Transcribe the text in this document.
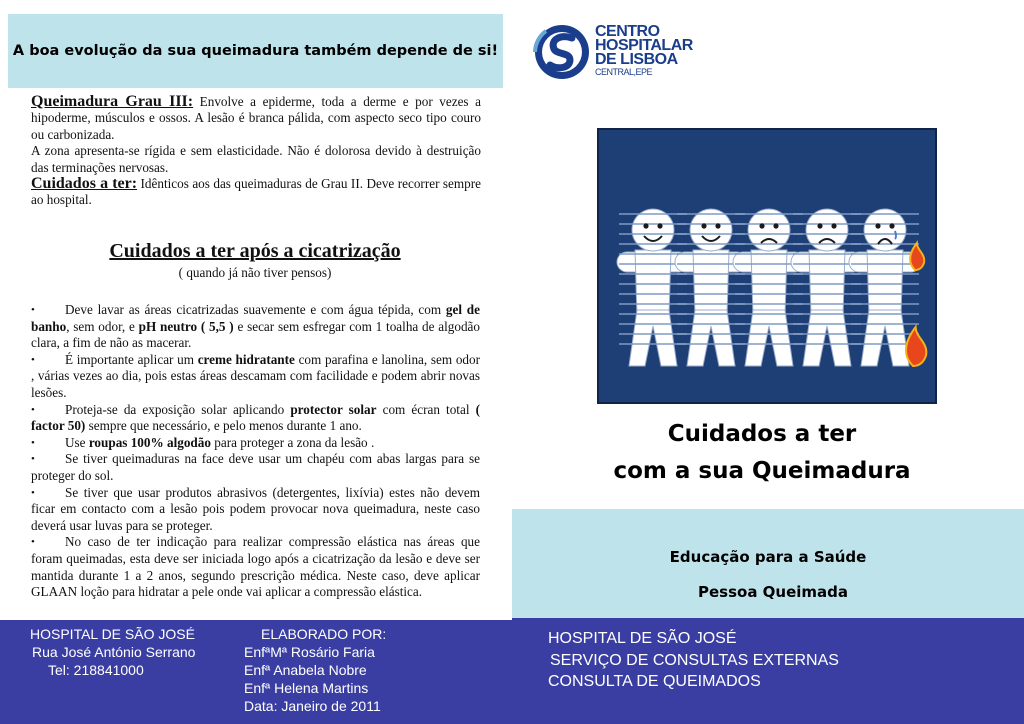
A boa evolução da sua queimadura também depende de si!
Queimadura Grau III: Envolve a epiderme, toda a derme e por vezes a hipoderme, músculos e ossos. A lesão é branca pálida, com aspecto seco tipo couro ou carbonizada.
A zona apresenta-se rígida e sem elasticidade. Não é dolorosa devido à destruição das terminações nervosas.
Cuidados a ter: Idênticos aos das queimaduras de Grau II. Deve recorrer sempre ao hospital.
Cuidados a ter após a cicatrização
( quando já não tiver pensos)
• Deve lavar as áreas cicatrizadas suavemente e com água tépida, com gel de banho, sem odor, e pH neutro ( 5,5 ) e secar sem esfregar com 1 toalha de algodão clara, a fim de não as macerar.
• É importante aplicar um creme hidratante com parafina e lanolina, sem odor , várias vezes ao dia, pois estas áreas descamam com facilidade e podem abrir novas lesões.
• Proteja-se da exposição solar aplicando protector solar com écran total ( factor 50) sempre que necessário, e pelo menos durante 1 ano.
• Use roupas 100% algodão para proteger a zona da lesão .
• Se tiver queimaduras na face deve usar um chapéu com abas largas para se proteger do sol.
• Se tiver que usar produtos abrasivos (detergentes, lixívia) estes não devem ficar em contacto com a lesão pois podem provocar nova queimadura, neste caso deverá usar luvas para se proteger.
• No caso de ter indicação para realizar compressão elástica nas áreas que foram queimadas, esta deve ser iniciada logo após a cicatrização da lesão e deve ser mantida durante 1 a 2 anos, segundo prescrição médica. Neste caso, deve aplicar GLAAN loção para hidratar a pele onde vai aplicar a compressão elástica.
HOSPITAL DE SÃO JOSÉ
Rua José António Serrano
Tel: 218841000
ELABORADO POR:
EnfªMª Rosário Faria
Enfª Anabela Nobre
Enfª Helena Martins
Data: Janeiro de 2011
CENTRO
HOSPITALAR
DE LISBOA
CENTRAL,EPE
Cuidados a ter
com a sua Queimadura
Educação para a Saúde
Pessoa Queimada
HOSPITAL DE SÃO JOSÉ
SERVIÇO DE CONSULTAS EXTERNAS
CONSULTA DE QUEIMADOS
